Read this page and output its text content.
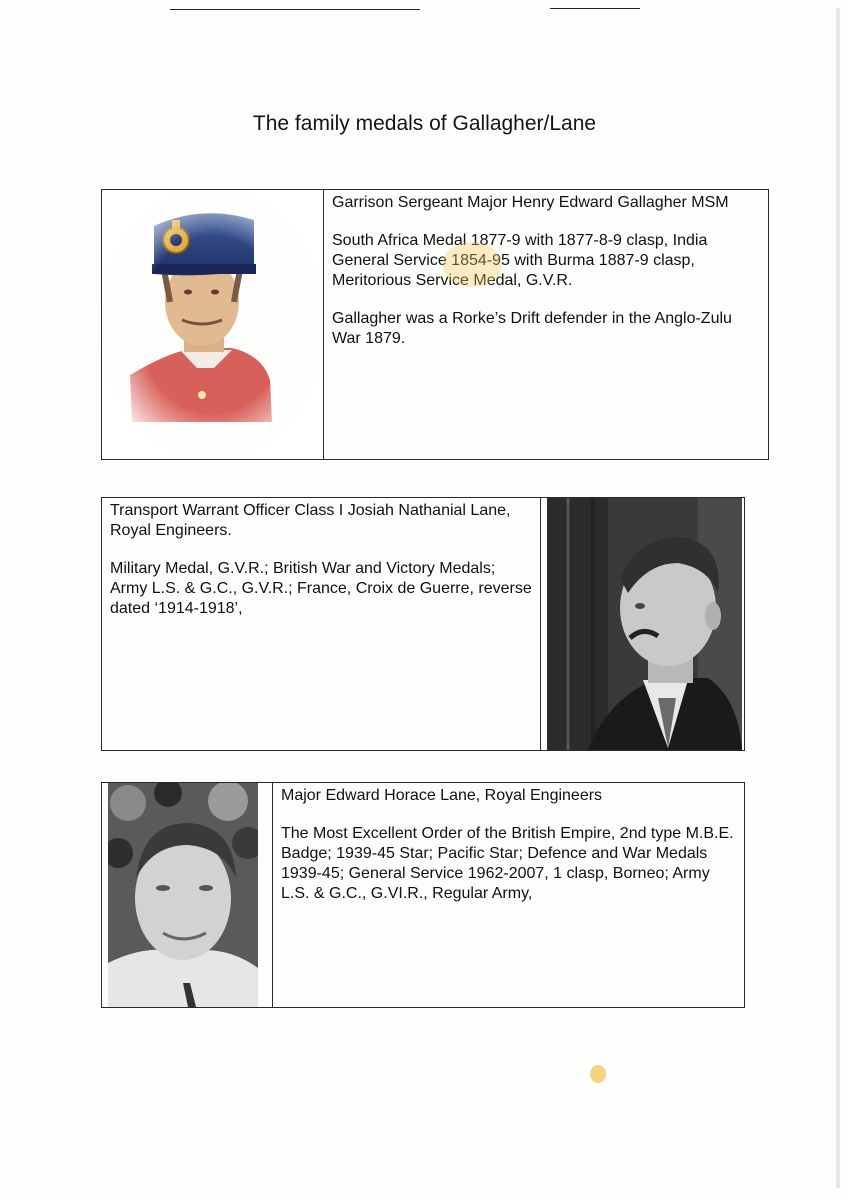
The family medals of Gallagher/Lane

Garrison Sergeant Major Henry Edward Gallagher MSM

South Africa Medal 1877-9 with 1877-8-9 clasp, India General Service 1854-95 with Burma 1887-9 clasp, Meritorious Service Medal, G.V.R.

Gallagher was a Rorke’s Drift defender in the Anglo-Zulu War 1879.

Transport Warrant Officer Class I Josiah Nathanial Lane, Royal Engineers.

Military Medal, G.V.R.; British War and Victory Medals; Army L.S. & G.C., G.V.R.; France, Croix de Guerre, reverse dated ‘1914-1918’,

Major Edward Horace Lane, Royal Engineers

The Most Excellent Order of the British Empire, 2nd type M.B.E. Badge; 1939-45 Star; Pacific Star; Defence and War Medals 1939-45; General Service 1962-2007, 1 clasp, Borneo; Army L.S. & G.C., G.VI.R., Regular Army,
